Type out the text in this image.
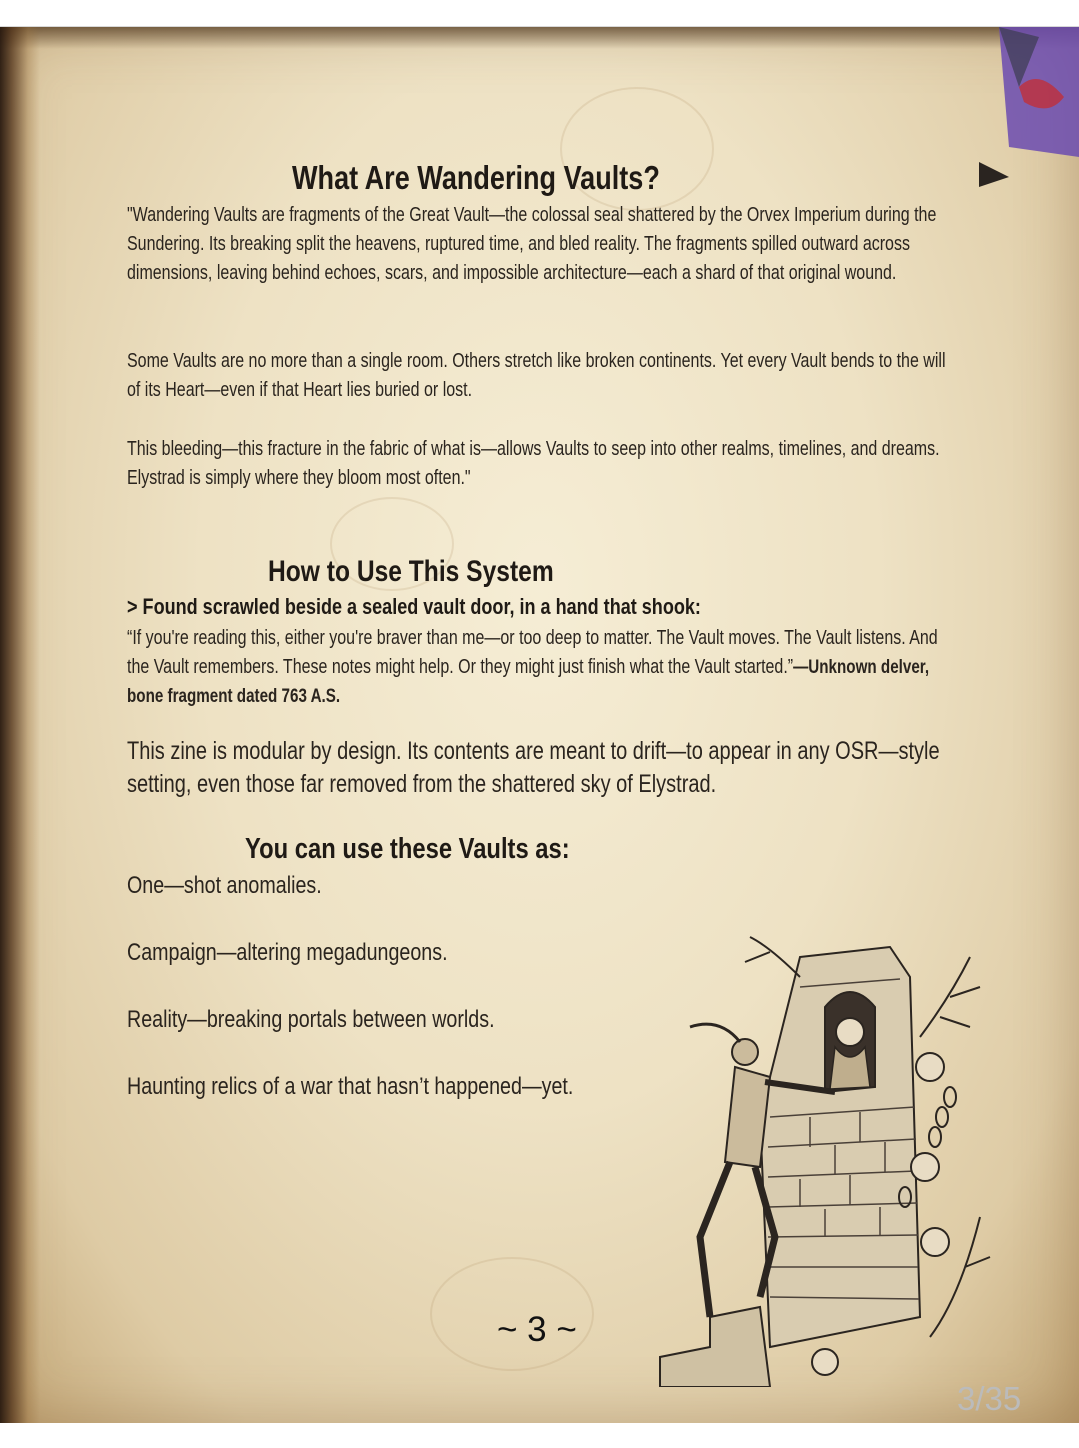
What Are Wandering Vaults?

"Wandering Vaults are fragments of the Great Vault—the colossal seal shattered by the Orvex Imperium during the Sundering. Its breaking split the heavens, ruptured time, and bled reality. The fragments spilled outward across dimensions, leaving behind echoes, scars, and impossible architecture—each a shard of that original wound.

Some Vaults are no more than a single room. Others stretch like broken continents. Yet every Vault bends to the will of its Heart—even if that Heart lies buried or lost.

This bleeding—this fracture in the fabric of what is—allows Vaults to seep into other realms, timelines, and dreams. Elystrad is simply where they bloom most often."

How to Use This System
> Found scrawled beside a sealed vault door, in a hand that shook:

“If you're reading this, either you're braver than me—or too deep to matter. The Vault moves. The Vault listens. And the Vault remembers. These notes might help. Or they might just finish what the Vault started.”—Unknown delver, bone fragment dated 763 A.S.

This zine is modular by design. Its contents are meant to drift—to appear in any OSR—style setting, even those far removed from the shattered sky of Elystrad.

You can use these Vaults as:
One—shot anomalies.
Campaign—altering megadungeons.
Reality—breaking portals between worlds.
Haunting relics of a war that hasn’t happened—yet.
~ 3 ~
3/35
